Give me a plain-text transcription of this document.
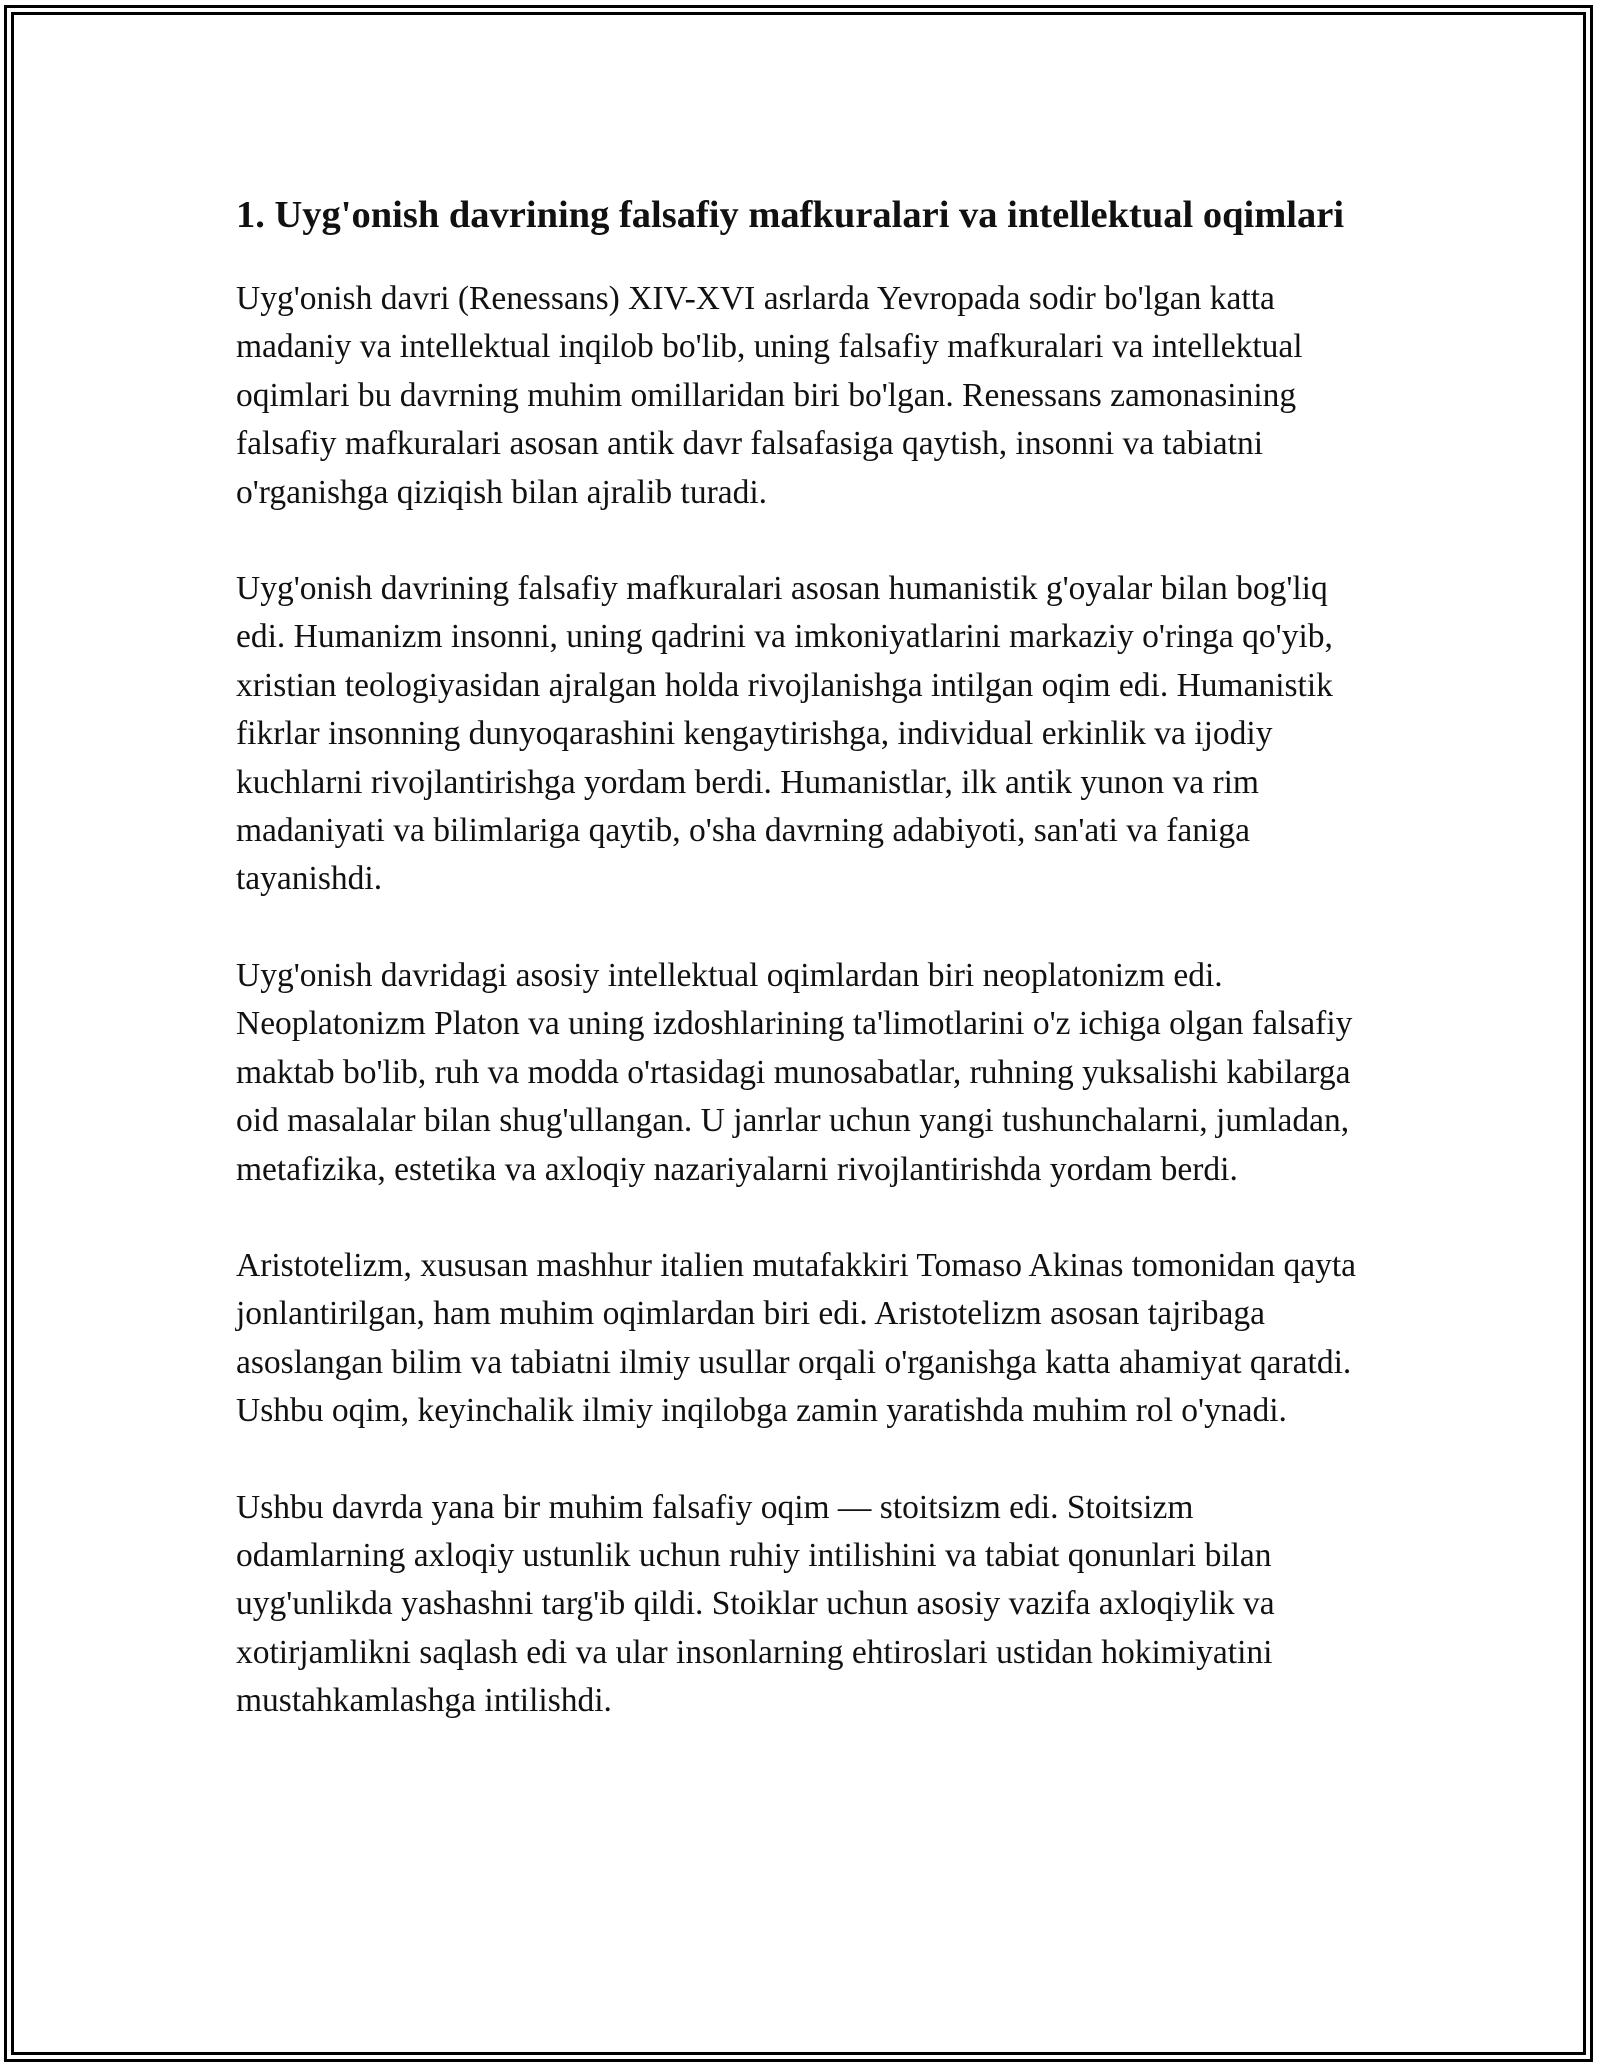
1. Uyg'onish davrining falsafiy mafkuralari va intellektual oqimlari

Uyg'onish davri (Renessans) XIV-XVI asrlarda Yevropada sodir bo'lgan katta madaniy va intellektual inqilob bo'lib, uning falsafiy mafkuralari va intellektual oqimlari bu davrning muhim omillaridan biri bo'lgan. Renessans zamonasining falsafiy mafkuralari asosan antik davr falsafasiga qaytish, insonni va tabiatni o'rganishga qiziqish bilan ajralib turadi.

Uyg'onish davrining falsafiy mafkuralari asosan humanistik g'oyalar bilan bog'liq edi. Humanizm insonni, uning qadrini va imkoniyatlarini markaziy o'ringa qo'yib, xristian teologiyasidan ajralgan holda rivojlanishga intilgan oqim edi. Humanistik fikrlar insonning dunyoqarashini kengaytirishga, individual erkinlik va ijodiy kuchlarni rivojlantirishga yordam berdi. Humanistlar, ilk antik yunon va rim madaniyati va bilimlariga qaytib, o'sha davrning adabiyoti, san'ati va faniga tayanishdi.

Uyg'onish davridagi asosiy intellektual oqimlardan biri neoplatonizm edi. Neoplatonizm Platon va uning izdoshlarining ta'limotlarini o'z ichiga olgan falsafiy maktab bo'lib, ruh va modda o'rtasidagi munosabatlar, ruhning yuksalishi kabilarga oid masalalar bilan shug'ullangan. U janrlar uchun yangi tushunchalarni, jumladan, metafizika, estetika va axloqiy nazariyalarni rivojlantirishda yordam berdi.

Aristotelizm, xususan mashhur italien mutafakkiri Tomaso Akinas tomonidan qayta jonlantirilgan, ham muhim oqimlardan biri edi. Aristotelizm asosan tajribaga asoslangan bilim va tabiatni ilmiy usullar orqali o'rganishga katta ahamiyat qaratdi. Ushbu oqim, keyinchalik ilmiy inqilobga zamin yaratishda muhim rol o'ynadi.

Ushbu davrda yana bir muhim falsafiy oqim — stoitsizm edi. Stoitsizm odamlarning axloqiy ustunlik uchun ruhiy intilishini va tabiat qonunlari bilan uyg'unlikda yashashni targ'ib qildi. Stoiklar uchun asosiy vazifa axloqiylik va xotirjamlikni saqlash edi va ular insonlarning ehtiroslari ustidan hokimiyatini mustahkamlashga intilishdi.
